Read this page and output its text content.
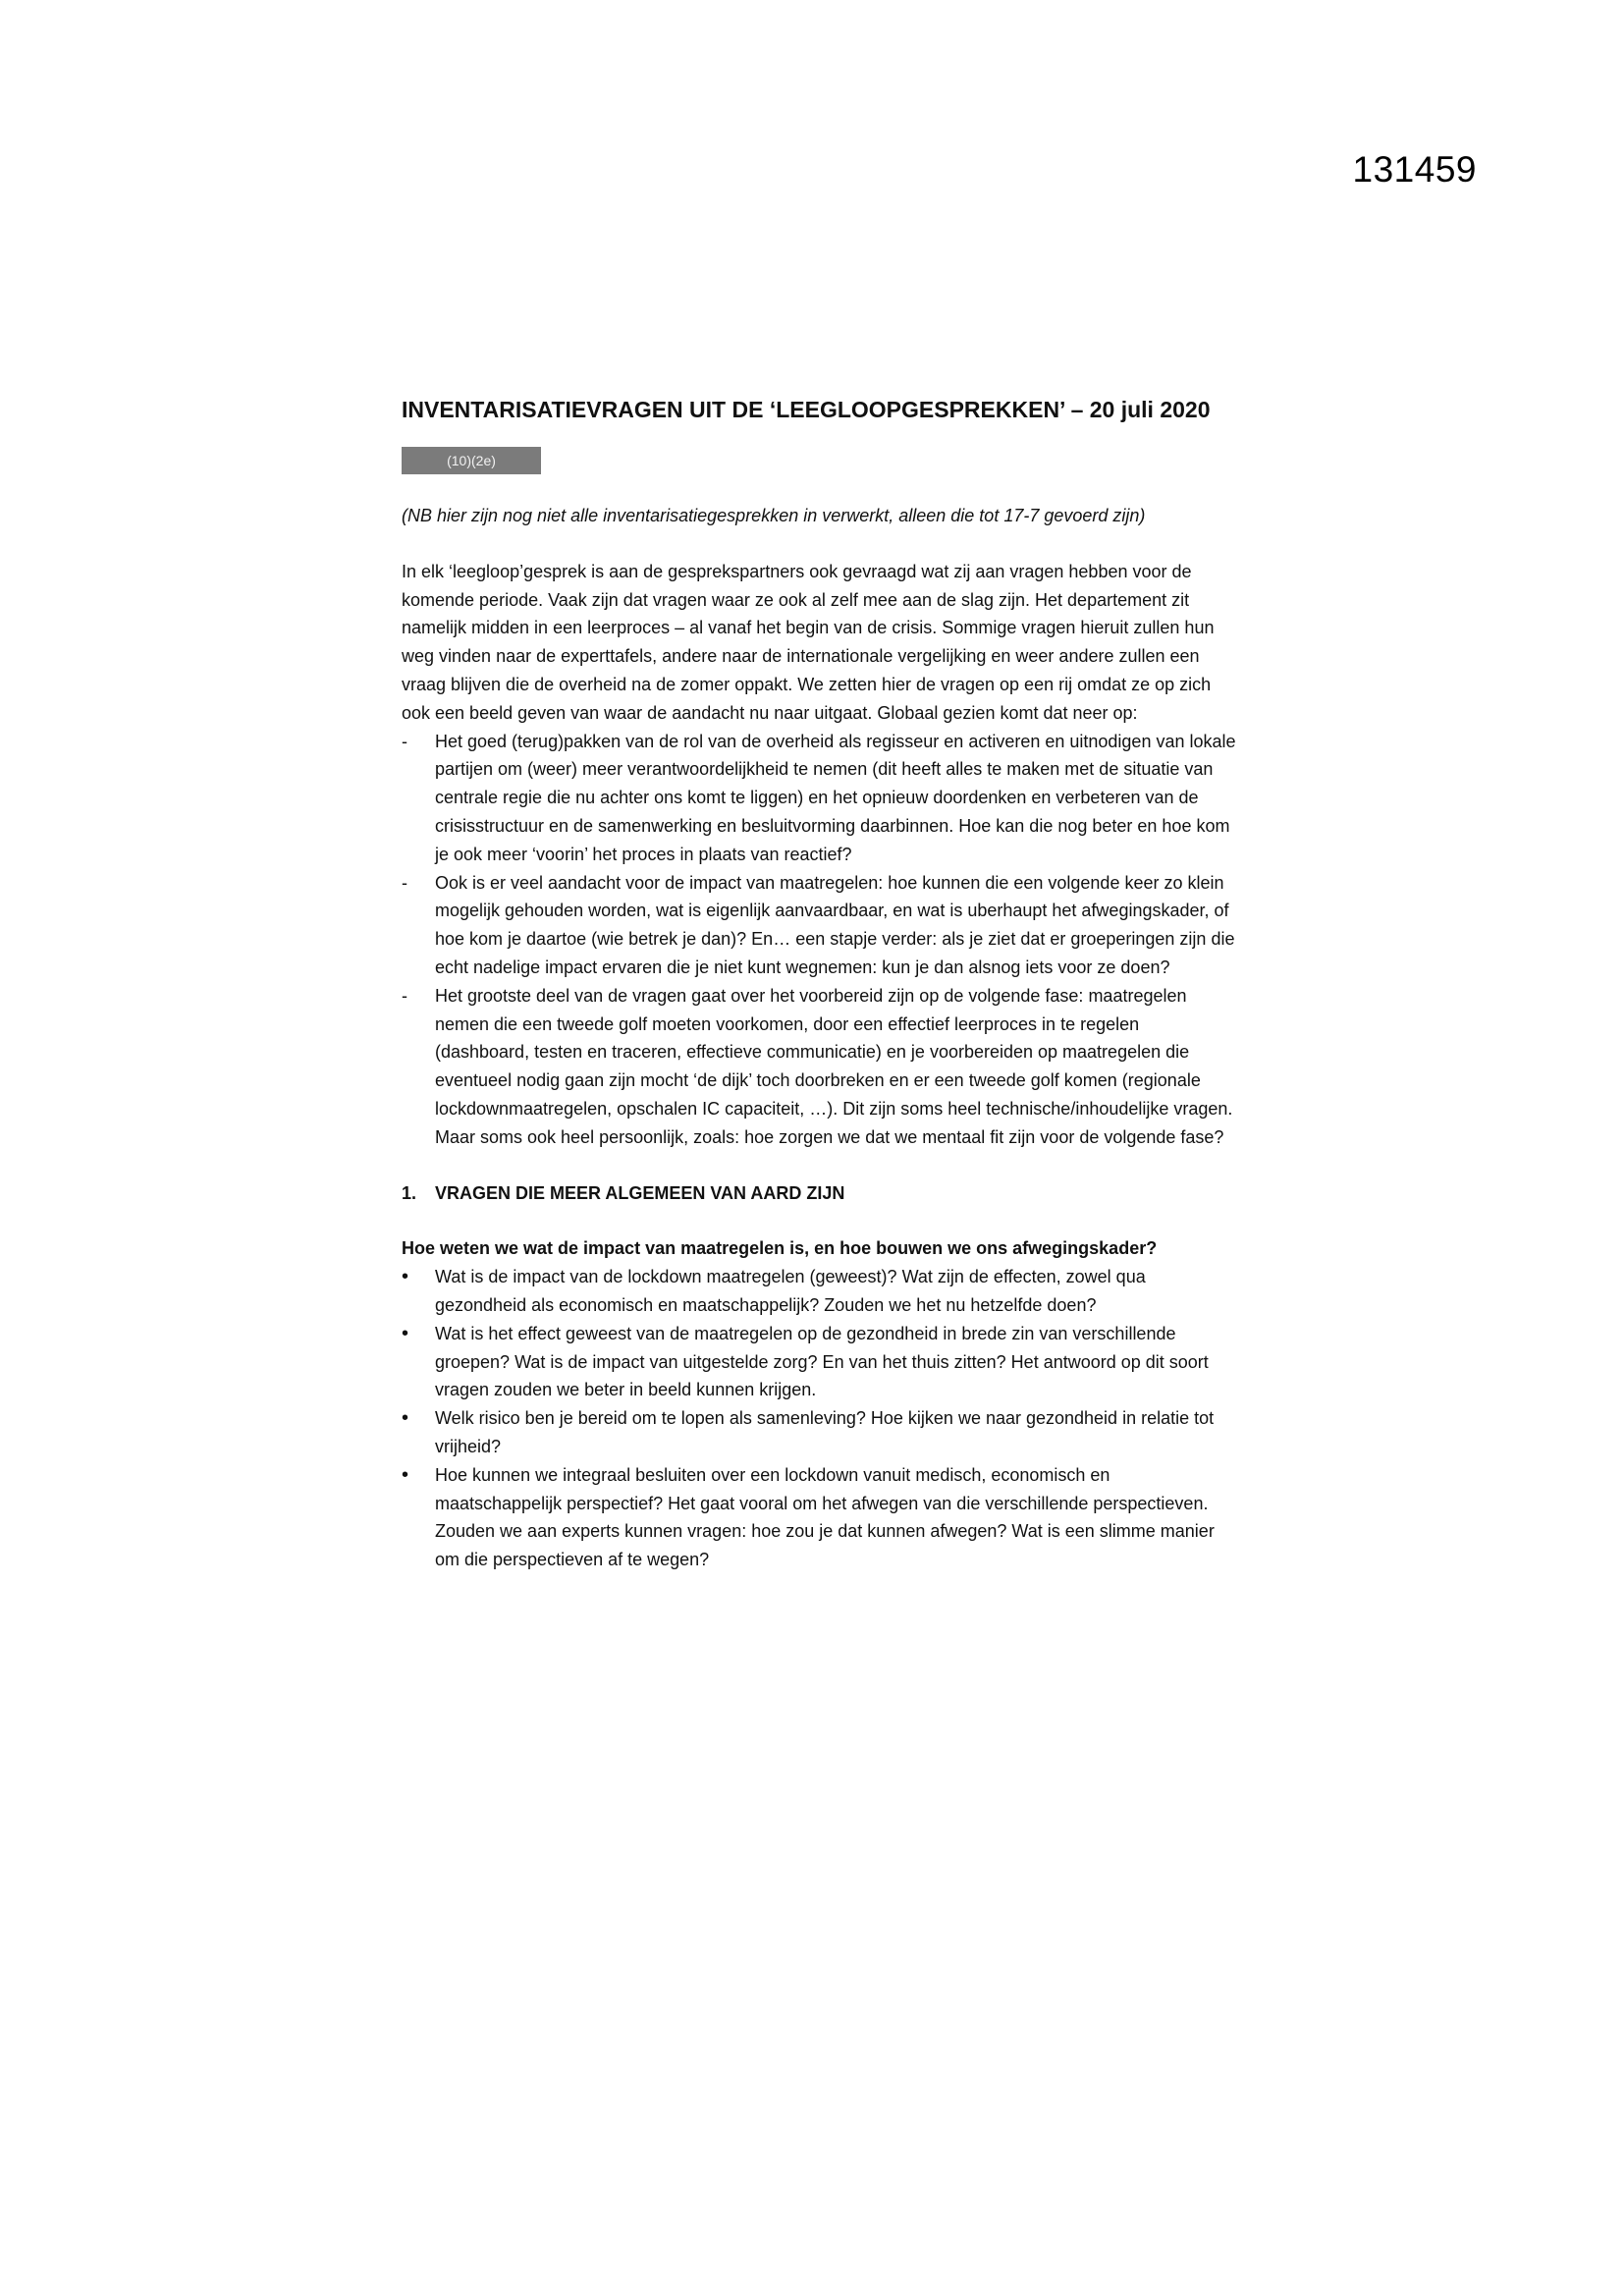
131459
INVENTARISATIEVRAGEN UIT DE ‘LEEGLOOPGESPREKKEN’ – 20 juli 2020
(10)(2e)

(NB hier zijn nog niet alle inventarisatiegesprekken in verwerkt, alleen die tot 17-7 gevoerd zijn)

In elk ‘leegloop’gesprek is aan de gesprekspartners ook gevraagd wat zij aan vragen hebben voor de komende periode. Vaak zijn dat vragen waar ze ook al zelf mee aan de slag zijn. Het departement zit namelijk midden in een leerproces – al vanaf het begin van de crisis. Sommige vragen hieruit zullen hun weg vinden naar de experttafels, andere naar de internationale vergelijking en weer andere zullen een vraag blijven die de overheid na de zomer oppakt. We zetten hier de vragen op een rij omdat ze op zich ook een beeld geven van waar de aandacht nu naar uitgaat. Globaal gezien komt dat neer op:

- Het goed (terug)pakken van de rol van de overheid als regisseur en activeren en uitnodigen van lokale partijen om (weer) meer verantwoordelijkheid te nemen (dit heeft alles te maken met de situatie van centrale regie die nu achter ons komt te liggen) en het opnieuw doordenken en verbeteren van de crisisstructuur en de samenwerking en besluitvorming daarbinnen. Hoe kan die nog beter en hoe kom je ook meer ‘voorin’ het proces in plaats van reactief?
- Ook is er veel aandacht voor de impact van maatregelen: hoe kunnen die een volgende keer zo klein mogelijk gehouden worden, wat is eigenlijk aanvaardbaar, en wat is uberhaupt het afwegingskader, of hoe kom je daartoe (wie betrek je dan)? En… een stapje verder: als je ziet dat er groeperingen zijn die echt nadelige impact ervaren die je niet kunt wegnemen: kun je dan alsnog iets voor ze doen?
- Het grootste deel van de vragen gaat over het voorbereid zijn op de volgende fase: maatregelen nemen die een tweede golf moeten voorkomen, door een effectief leerproces in te regelen (dashboard, testen en traceren, effectieve communicatie) en je voorbereiden op maatregelen die eventueel nodig gaan zijn mocht ‘de dijk’ toch doorbreken en er een tweede golf komen (regionale lockdownmaatregelen, opschalen IC capaciteit, …). Dit zijn soms heel technische/inhoudelijke vragen. Maar soms ook heel persoonlijk, zoals: hoe zorgen we dat we mentaal fit zijn voor de volgende fase?
1. VRAGEN DIE MEER ALGEMEEN VAN AARD ZIJN

Hoe weten we wat de impact van maatregelen is, en hoe bouwen we ons afwegingskader?

• Wat is de impact van de lockdown maatregelen (geweest)? Wat zijn de effecten, zowel qua gezondheid als economisch en maatschappelijk? Zouden we het nu hetzelfde doen?
• Wat is het effect geweest van de maatregelen op de gezondheid in brede zin van verschillende groepen? Wat is de impact van uitgestelde zorg? En van het thuis zitten? Het antwoord op dit soort vragen zouden we beter in beeld kunnen krijgen.
• Welk risico ben je bereid om te lopen als samenleving? Hoe kijken we naar gezondheid in relatie tot vrijheid?
• Hoe kunnen we integraal besluiten over een lockdown vanuit medisch, economisch en maatschappelijk perspectief? Het gaat vooral om het afwegen van die verschillende perspectieven. Zouden we aan experts kunnen vragen: hoe zou je dat kunnen afwegen? Wat is een slimme manier om die perspectieven af te wegen?
